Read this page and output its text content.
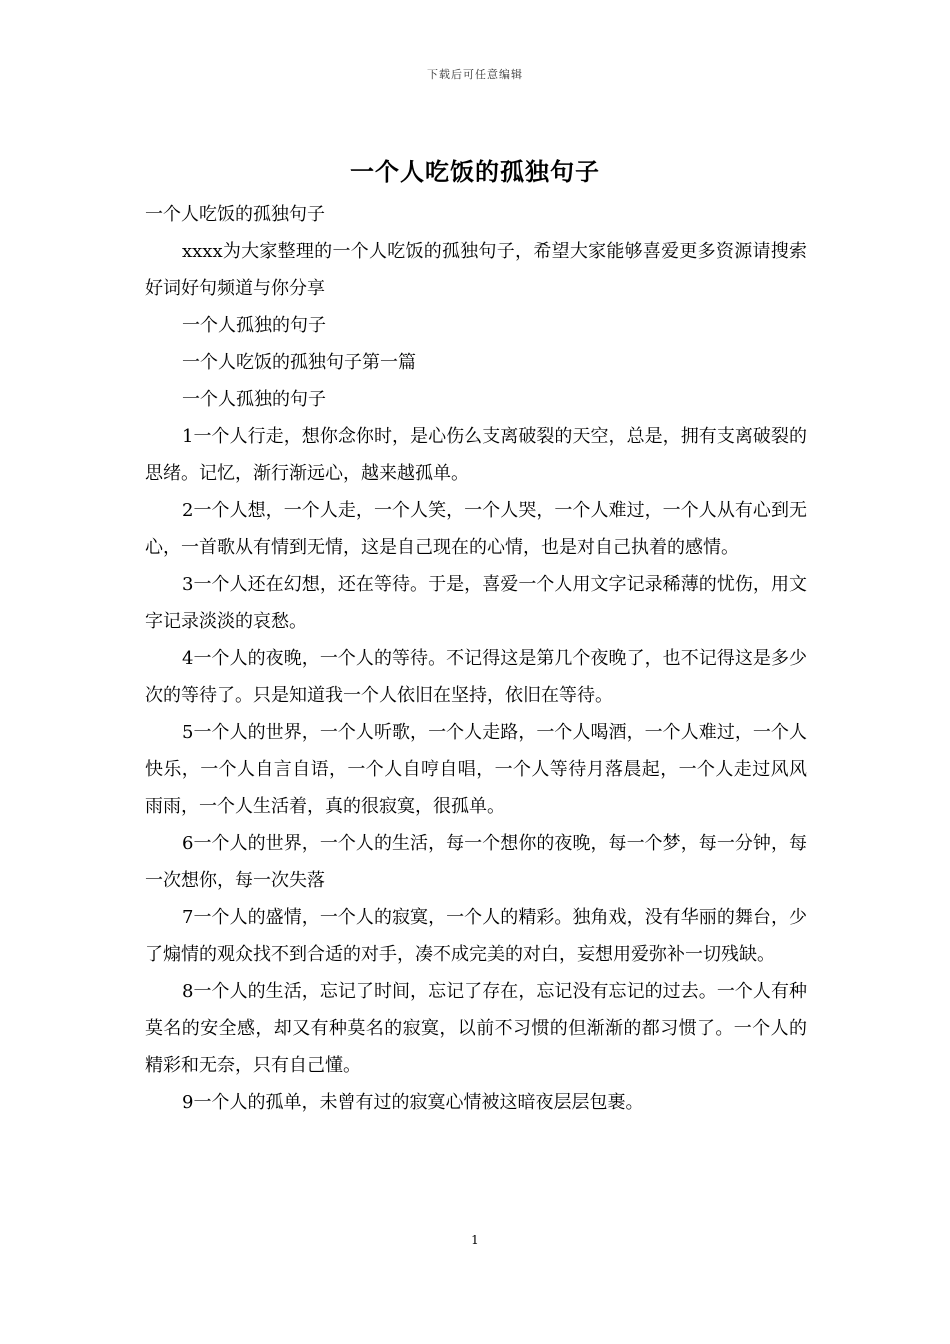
下载后可任意编辑
一个人吃饭的孤独句子

一个人吃饭的孤独句子

xxxx为大家整理的一个人吃饭的孤独句子，希望大家能够喜爱更多资源请搜索好词好句频道与你分享

一个人孤独的句子

一个人吃饭的孤独句子第一篇

一个人孤独的句子

1一个人行走，想你念你时，是心伤么支离破裂的天空，总是，拥有支离破裂的思绪。记忆，渐行渐远心，越来越孤单。

2一个人想，一个人走，一个人笑，一个人哭，一个人难过，一个人从有心到无心，一首歌从有情到无情，这是自己现在的心情，也是对自己执着的感情。

3一个人还在幻想，还在等待。于是，喜爱一个人用文字记录稀薄的忧伤，用文字记录淡淡的哀愁。

4一个人的夜晚，一个人的等待。不记得这是第几个夜晚了，也不记得这是多少次的等待了。只是知道我一个人依旧在坚持，依旧在等待。

5一个人的世界，一个人听歌，一个人走路，一个人喝酒，一个人难过，一个人快乐，一个人自言自语，一个人自哼自唱，一个人等待月落晨起，一个人走过风风雨雨，一个人生活着，真的很寂寞，很孤单。

6一个人的世界，一个人的生活，每一个想你的夜晚，每一个梦，每一分钟，每一次想你，每一次失落

7一个人的盛情，一个人的寂寞，一个人的精彩。独角戏，没有华丽的舞台，少了煽情的观众找不到合适的对手，凑不成完美的对白，妄想用爱弥补一切残缺。

8一个人的生活，忘记了时间，忘记了存在，忘记没有忘记的过去。一个人有种莫名的安全感，却又有种莫名的寂寞，以前不习惯的但渐渐的都习惯了。一个人的精彩和无奈，只有自己懂。

9一个人的孤单，未曾有过的寂寞心情被这暗夜层层包裹。

1
